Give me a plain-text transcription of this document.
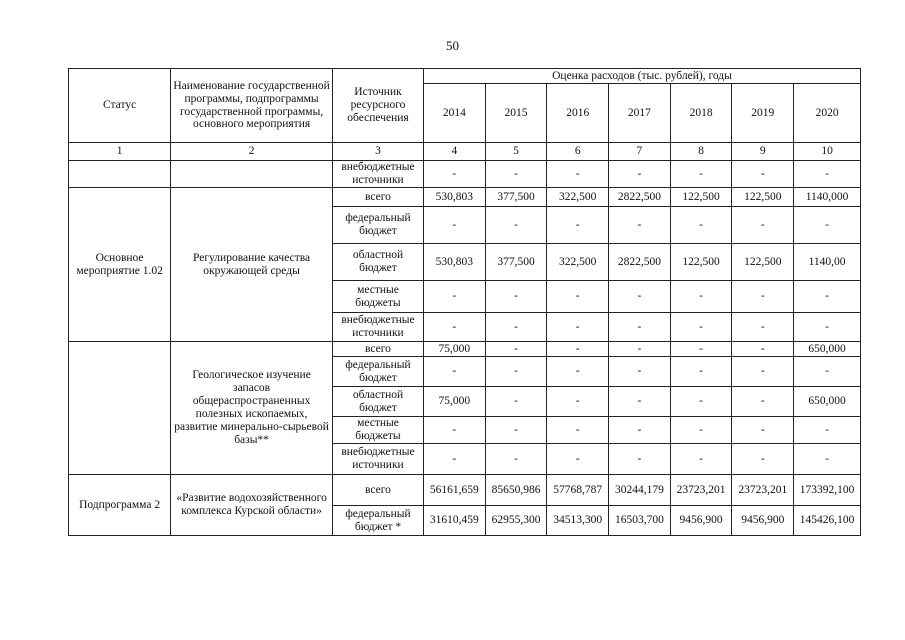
50
Статус	Наименование государственной программы, подпрограммы государственной программы, основного мероприятия	Источник ресурсного обеспечения	Оценка расходов (тыс. рублей), годы						
			2014	2015	2016	2017	2018	2019	2020
1	2	3	4	5	6	7	8	9	10
		внебюджетные источники	-	-	-	-	-	-	-
Основное мероприятие 1.02	Регулирование качества окружающей среды	всего	530,803	377,500	322,500	2822,500	122,500	122,500	1140,000
		федеральный бюджет	-	-	-	-	-	-	-
		областной бюджет	530,803	377,500	322,500	2822,500	122,500	122,500	1140,00
		местные бюджеты	-	-	-	-	-	-	-
		внебюджетные источники	-	-	-	-	-	-	-
	Геологическое изучение запасов общераспространенных полезных ископаемых, развитие минерально-сырьевой базы**	всего	75,000	-	-	-	-	-	650,000
		федеральный бюджет	-	-	-	-	-	-	-
		областной бюджет	75,000	-	-	-	-	-	650,000
		местные бюджеты	-	-	-	-	-	-	-
		внебюджетные источники	-	-	-	-	-	-	-
Подпрограмма 2	«Развитие водохозяйственного комплекса Курской области»	всего	56161,659	85650,986	57768,787	30244,179	23723,201	23723,201	173392,100
		федеральный бюджет *	31610,459	62955,300	34513,300	16503,700	9456,900	9456,900	145426,100
